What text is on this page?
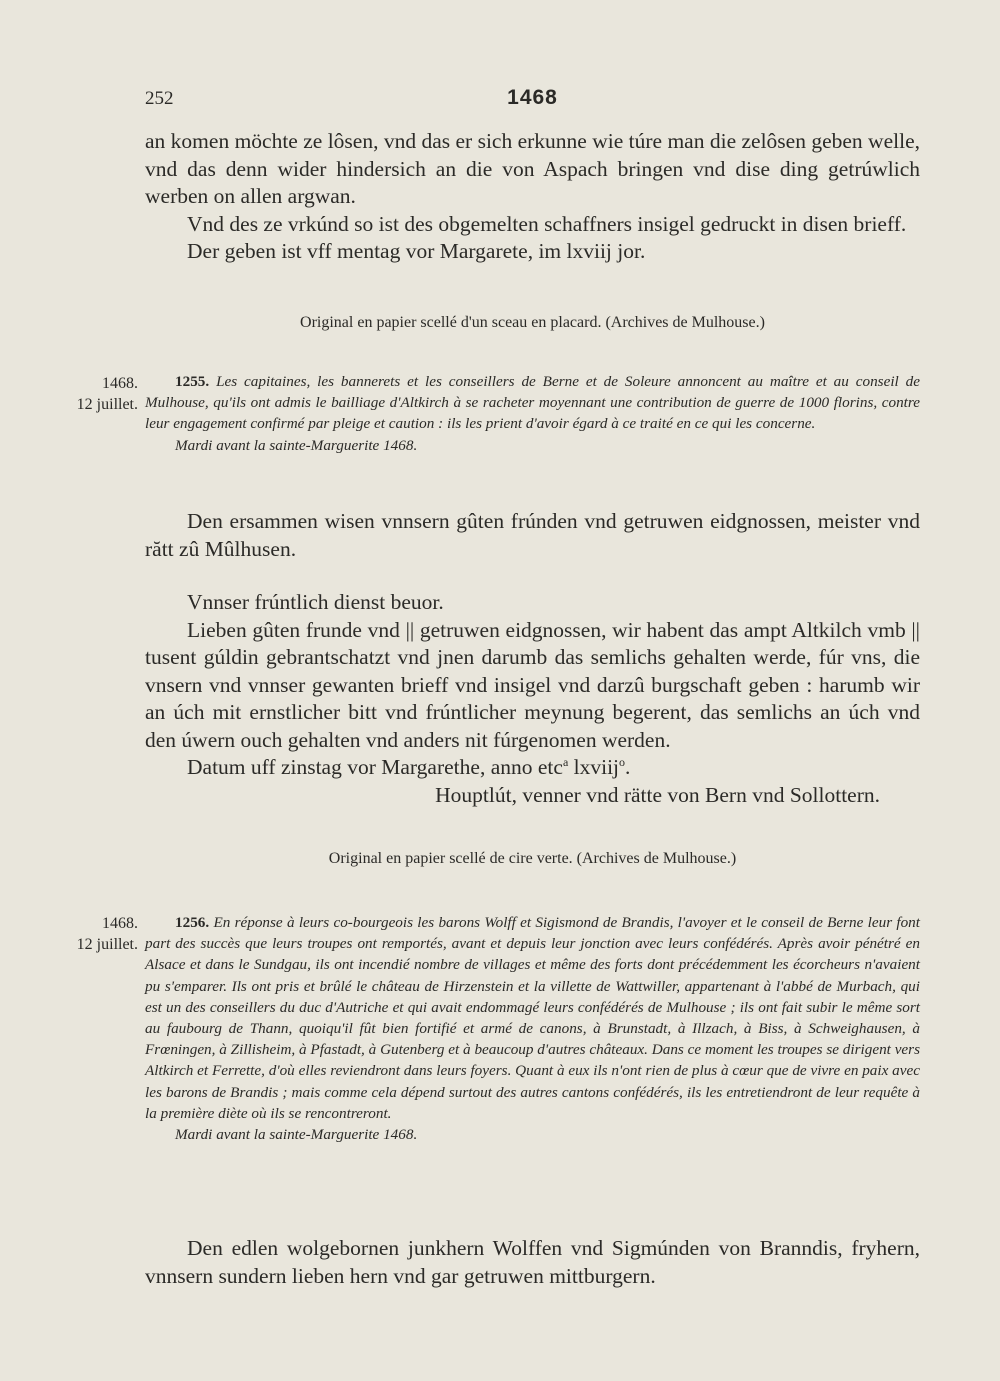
252	1468

an komen möchte ze lôsen, vnd das er sich erkunne wie túre man die zelôsen geben welle, vnd das denn wider hindersich an die von Aspach bringen vnd dise ding getrúwlich werben on allen argwan.

Vnd des ze vrkúnd so ist des obgemelten schaffners insigel gedruckt in disen brieff.

Der geben ist vff mentag vor Margarete, im lxviij jor.

Original en papier scellé d'un sceau en placard. (Archives de Mulhouse.)

1468.
12 juillet.

1255. Les capitaines, les bannerets et les conseillers de Berne et de Soleure annoncent au maître et au conseil de Mulhouse, qu'ils ont admis le bailliage d'Altkirch à se racheter moyennant une contribution de guerre de 1000 florins, contre leur engagement confirmé par pleige et caution : ils les prient d'avoir égard à ce traité en ce qui les concerne.

Mardi avant la sainte-Marguerite 1468.

Den ersammen wisen vnnsern gûten frúnden vnd getruwen eidgnossen, meister vnd rătt zû Mûlhusen.

Vnnser frúntlich dienst beuor.

Lieben gûten frunde vnd || getruwen eidgnossen, wir habent das ampt Altkilch vmb || tusent gúldin gebrantschatzt vnd jnen darumb das semlichs gehalten werde, fúr vns, die vnsern vnd vnnser gewanten brieff vnd insigel vnd darzû burgschaft geben : harumb wir an úch mit ernstlicher bitt vnd frúntlicher meynung begerent, das semlichs an úch vnd den úwern ouch gehalten vnd anders nit fúrgenomen werden.

Datum uff zinstag vor Margarethe, anno etc$^a$ lxviij$^o$.

Houptlút, venner vnd rätte von Bern vnd Sollottern.

Original en papier scellé de cire verte. (Archives de Mulhouse.)

1468.
12 juillet.

1256. En réponse à leurs co-bourgeois les barons Wolff et Sigismond de Brandis, l'avoyer et le conseil de Berne leur font part des succès que leurs troupes ont remportés, avant et depuis leur jonction avec leurs confédérés. Après avoir pénétré en Alsace et dans le Sundgau, ils ont incendié nombre de villages et même des forts dont précédemment les écorcheurs n'avaient pu s'emparer. Ils ont pris et brûlé le château de Hirzenstein et la villette de Wattwiller, appartenant à l'abbé de Murbach, qui est un des conseillers du duc d'Autriche et qui avait endommagé leurs confédérés de Mulhouse ; ils ont fait subir le même sort au faubourg de Thann, quoiqu'il fût bien fortifié et armé de canons, à Brunstadt, à Illzach, à Biss, à Schweighausen, à Frœningen, à Zillisheim, à Pfastadt, à Gutenberg et à beaucoup d'autres châteaux. Dans ce moment les troupes se dirigent vers Altkirch et Ferrette, d'où elles reviendront dans leurs foyers. Quant à eux ils n'ont rien de plus à cœur que de vivre en paix avec les barons de Brandis ; mais comme cela dépend surtout des autres cantons confédérés, ils les entretiendront de leur requête à la première diète où ils se rencontreront.

Mardi avant la sainte-Marguerite 1468.

Den edlen wolgebornen junkhern Wolffen vnd Sigmúnden von Branndis, fryhern, vnnsern sundern lieben hern vnd gar getruwen mittburgern.
